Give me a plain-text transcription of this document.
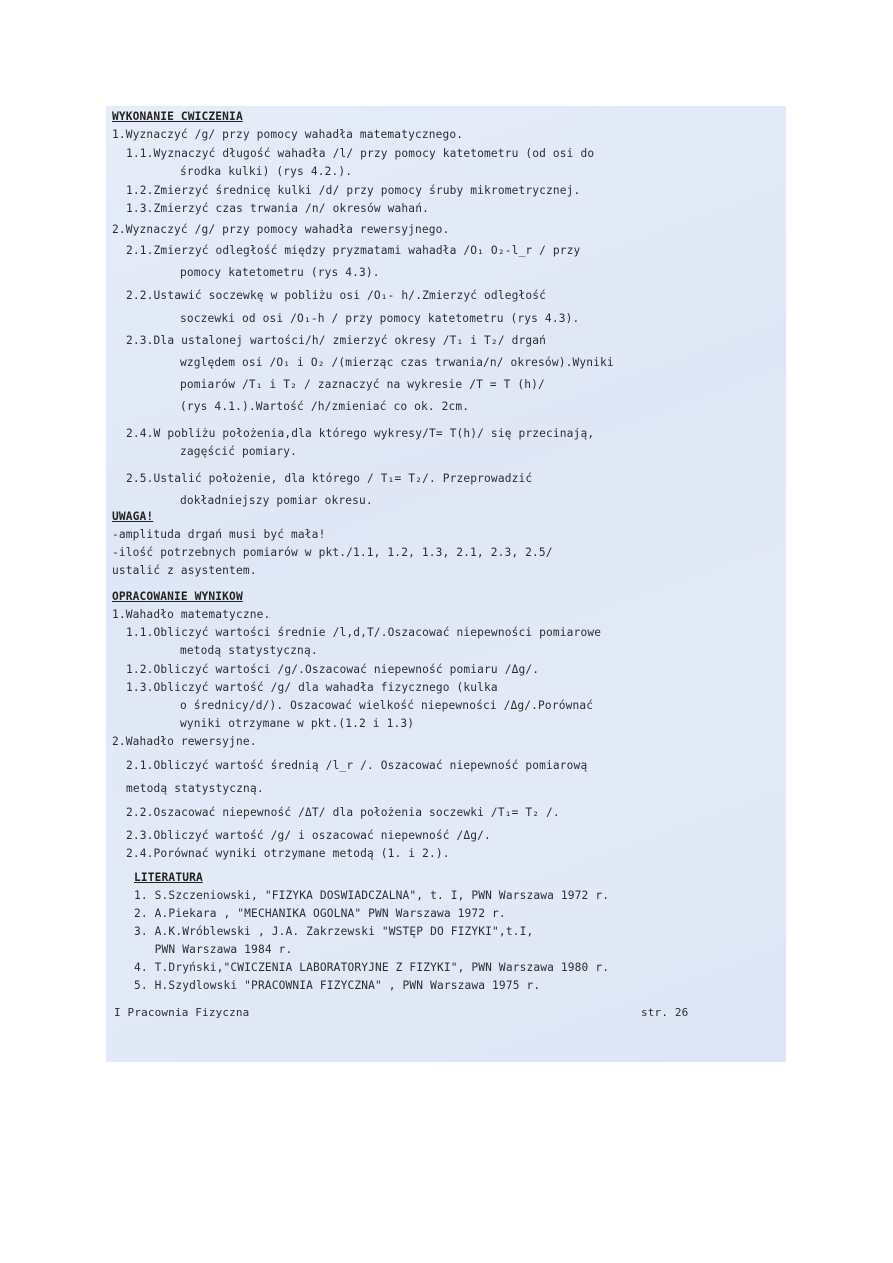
WYKONANIE CWICZENIA
1.Wyznaczyć /g/ przy pomocy wahadła matematycznego.
1.1.Wyznaczyć długość wahadła /l/ przy pomocy katetometru (od osi do
środka kulki) (rys 4.2.).
1.2.Zmierzyć średnicę kulki /d/ przy pomocy śruby mikrometrycznej.
1.3.Zmierzyć czas trwania /n/ okresów wahań.
2.Wyznaczyć /g/ przy pomocy wahadła rewersyjnego.
2.1.Zmierzyć odległość między pryzmatami wahadła /O₁ O₂-l_r / przy
pomocy katetometru (rys 4.3).
2.2.Ustawić soczewkę w pobliżu osi /O₁- h/.Zmierzyć odległość
soczewki od osi /O₁-h / przy pomocy katetometru (rys 4.3).
2.3.Dla ustalonej wartości/h/ zmierzyć okresy /T₁ i T₂/ drgań
względem osi /O₁ i O₂ /(mierząc czas trwania/n/ okresów).Wyniki
pomiarów /T₁ i T₂ / zaznaczyć na wykresie /T = T (h)/
(rys 4.1.).Wartość /h/zmieniać co ok. 2cm.
2.4.W pobliżu położenia,dla którego wykresy/T= T(h)/ się przecinają,
zagęścić pomiary.
2.5.Ustalić położenie, dla którego / T₁= T₂/. Przeprowadzić
dokładniejszy pomiar okresu.
UWAGA!
-amplituda drgań musi być mała!
-ilość potrzebnych pomiarów w pkt./1.1, 1.2, 1.3, 2.1, 2.3, 2.5/
ustalić z asystentem.
OPRACOWANIE WYNIKOW
1.Wahadło matematyczne.
1.1.Obliczyć wartości średnie /l,d,T/.Oszacować niepewności pomiarowe
metodą statystyczną.
1.2.Obliczyć wartości /g/.Oszacować niepewność pomiaru /Δg/.
1.3.Obliczyć wartość /g/ dla wahadła fizycznego (kulka
o średnicy/d/). Oszacować wielkość niepewności /Δg/.Porównać
wyniki otrzymane w pkt.(1.2 i 1.3)
2.Wahadło rewersyjne.
2.1.Obliczyć wartość średnią /l_r /. Oszacować niepewność pomiarową
metodą statystyczną.
2.2.Oszacować niepewność /ΔT/ dla położenia soczewki /T₁= T₂ /.
2.3.Obliczyć wartość /g/ i oszacować niepewność /Δg/.
2.4.Porównać wyniki otrzymane metodą (1. i 2.).
LITERATURA
1. S.Szczeniowski, "FIZYKA DOSWIADCZALNA", t. I, PWN Warszawa 1972 r.
2. A.Piekara , "MECHANIKA OGOLNA" PWN Warszawa 1972 r.
3. A.K.Wróblewski , J.A. Zakrzewski "WSTĘP DO FIZYKI",t.I,
PWN Warszawa 1984 r.
4. T.Dryński,"CWICZENIA LABORATORYJNE Z FIZYKI", PWN Warszawa 1980 r.
5. H.Szydlowski "PRACOWNIA FIZYCZNA" , PWN Warszawa 1975 r.
I Pracownia Fizyczna	str. 26
